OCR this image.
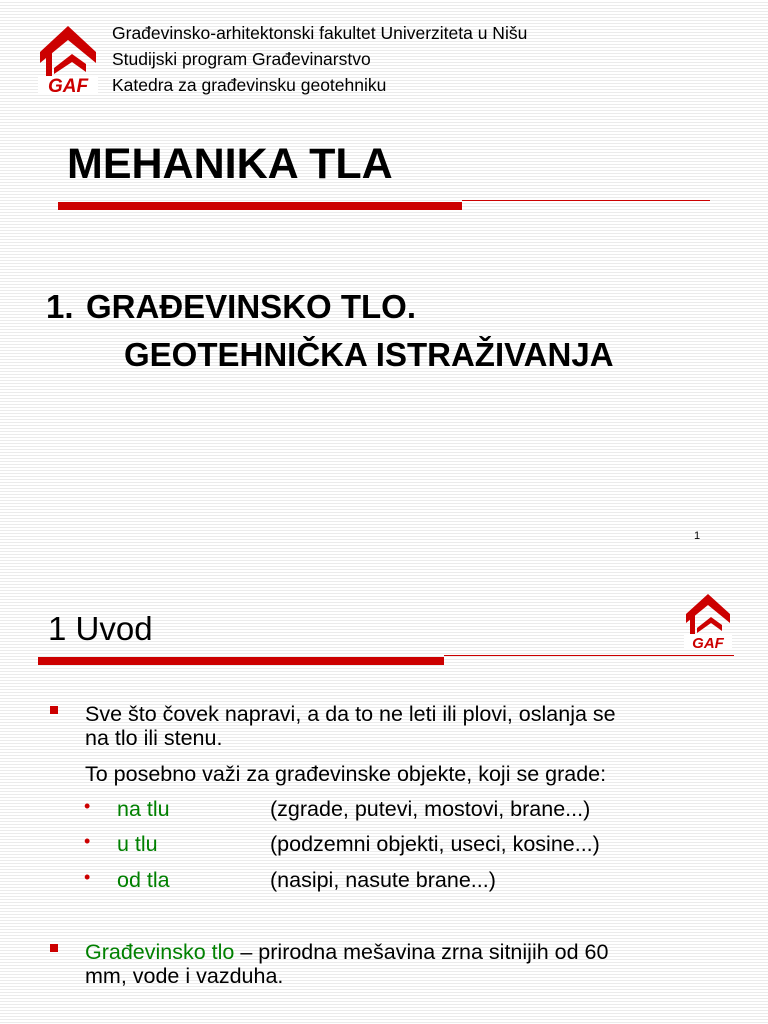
GAF
Građevinsko-arhitektonski fakultet Univerziteta u Nišu
Studijski program Građevinarstvo
Katedra za građevinsku geotehniku
MEHANIKA TLA
1. GRAĐEVINSKO TLO.
GEOTEHNIČKA ISTRAŽIVANJA
1
GAF
1 Uvod
Sve što čovek napravi, a da to ne leti ili plovi, oslanja se
na tlo ili stenu.
To posebno važi za građevinske objekte, koji se grade:
• na tlu	(zgrade, putevi, mostovi, brane...)
• u tlu	(podzemni objekti, useci, kosine...)
• od tla	(nasipi, nasute brane...)
Građevinsko tlo – prirodna mešavina zrna sitnijih od 60
mm, vode i vazduha.
